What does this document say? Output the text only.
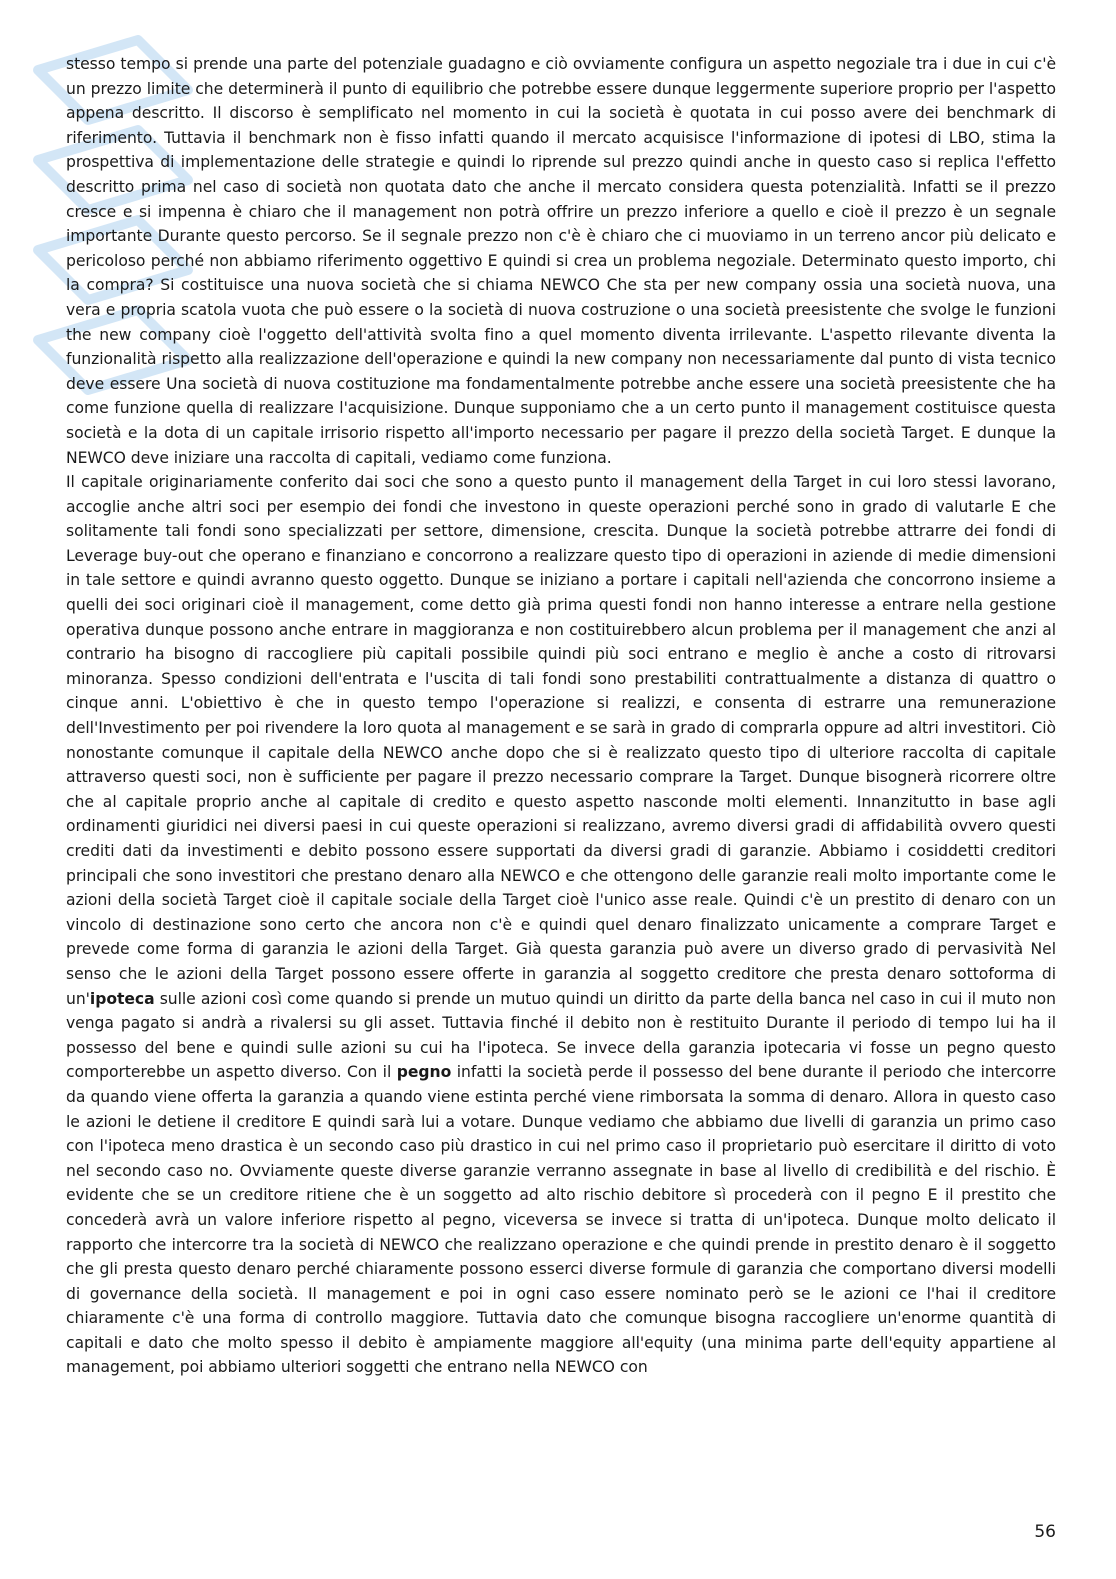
stesso tempo si prende una parte del potenziale guadagno e ciò ovviamente configura un aspetto negoziale tra i due in cui c'è un prezzo limite che determinerà il punto di equilibrio che potrebbe essere dunque leggermente superiore proprio per l'aspetto appena descritto. Il discorso è semplificato nel momento in cui la società è quotata in cui posso avere dei benchmark di riferimento. Tuttavia il benchmark non è fisso infatti quando il mercato acquisisce l'informazione di ipotesi di LBO, stima la prospettiva di implementazione delle strategie e quindi lo riprende sul prezzo quindi anche in questo caso si replica l'effetto descritto prima nel caso di società non quotata dato che anche il mercato considera questa potenzialità. Infatti se il prezzo cresce e si impenna è chiaro che il management non potrà offrire un prezzo inferiore a quello e cioè il prezzo è un segnale importante Durante questo percorso. Se il segnale prezzo non c'è è chiaro che ci muoviamo in un terreno ancor più delicato e pericoloso perché non abbiamo riferimento oggettivo E quindi si crea un problema negoziale. Determinato questo importo, chi la compra? Si costituisce una nuova società che si chiama NEWCO Che sta per new company ossia una società nuova, una vera e propria scatola vuota che può essere o la società di nuova costruzione o una società preesistente che svolge le funzioni the new company cioè l'oggetto dell'attività svolta fino a quel momento diventa irrilevante. L'aspetto rilevante diventa la funzionalità rispetto alla realizzazione dell'operazione e quindi la new company non necessariamente dal punto di vista tecnico deve essere Una società di nuova costituzione ma fondamentalmente potrebbe anche essere una società preesistente che ha come funzione quella di realizzare l'acquisizione. Dunque supponiamo che a un certo punto il management costituisce questa società e la dota di un capitale irrisorio rispetto all'importo necessario per pagare il prezzo della società Target. E dunque la NEWCO deve iniziare una raccolta di capitali, vediamo come funziona.

Il capitale originariamente conferito dai soci che sono a questo punto il management della Target in cui loro stessi lavorano, accoglie anche altri soci per esempio dei fondi che investono in queste operazioni perché sono in grado di valutarle E che solitamente tali fondi sono specializzati per settore, dimensione, crescita. Dunque la società potrebbe attrarre dei fondi di Leverage buy-out che operano e finanziano e concorrono a realizzare questo tipo di operazioni in aziende di medie dimensioni in tale settore e quindi avranno questo oggetto. Dunque se iniziano a portare i capitali nell'azienda che concorrono insieme a quelli dei soci originari cioè il management, come detto già prima questi fondi non hanno interesse a entrare nella gestione operativa dunque possono anche entrare in maggioranza e non costituirebbero alcun problema per il management che anzi al contrario ha bisogno di raccogliere più capitali possibile quindi più soci entrano e meglio è anche a costo di ritrovarsi minoranza. Spesso condizioni dell'entrata e l'uscita di tali fondi sono prestabiliti contrattualmente a distanza di quattro o cinque anni. L'obiettivo è che in questo tempo l'operazione si realizzi, e consenta di estrarre una remunerazione dell'Investimento per poi rivendere la loro quota al management e se sarà in grado di comprarla oppure ad altri investitori. Ciò nonostante comunque il capitale della NEWCO anche dopo che si è realizzato questo tipo di ulteriore raccolta di capitale attraverso questi soci, non è sufficiente per pagare il prezzo necessario comprare la Target. Dunque bisognerà ricorrere oltre che al capitale proprio anche al capitale di credito e questo aspetto nasconde molti elementi. Innanzitutto in base agli ordinamenti giuridici nei diversi paesi in cui queste operazioni si realizzano, avremo diversi gradi di affidabilità ovvero questi crediti dati da investimenti e debito possono essere supportati da diversi gradi di garanzie. Abbiamo i cosiddetti creditori principali che sono investitori che prestano denaro alla NEWCO e che ottengono delle garanzie reali molto importante come le azioni della società Target cioè il capitale sociale della Target cioè l'unico asse reale. Quindi c'è un prestito di denaro con un vincolo di destinazione sono certo che ancora non c'è e quindi quel denaro finalizzato unicamente a comprare Target e prevede come forma di garanzia le azioni della Target. Già questa garanzia può avere un diverso grado di pervasività Nel senso che le azioni della Target possono essere offerte in garanzia al soggetto creditore che presta denaro sottoforma di un'ipoteca sulle azioni così come quando si prende un mutuo quindi un diritto da parte della banca nel caso in cui il muto non venga pagato si andrà a rivalersi su gli asset. Tuttavia finché il debito non è restituito Durante il periodo di tempo lui ha il possesso del bene e quindi sulle azioni su cui ha l'ipoteca. Se invece della garanzia ipotecaria vi fosse un pegno questo comporterebbe un aspetto diverso. Con il pegno infatti la società perde il possesso del bene durante il periodo che intercorre da quando viene offerta la garanzia a quando viene estinta perché viene rimborsata la somma di denaro. Allora in questo caso le azioni le detiene il creditore E quindi sarà lui a votare. Dunque vediamo che abbiamo due livelli di garanzia un primo caso con l'ipoteca meno drastica è un secondo caso più drastico in cui nel primo caso il proprietario può esercitare il diritto di voto nel secondo caso no. Ovviamente queste diverse garanzie verranno assegnate in base al livello di credibilità e del rischio. È evidente che se un creditore ritiene che è un soggetto ad alto rischio debitore sì procederà con il pegno E il prestito che concederà avrà un valore inferiore rispetto al pegno, viceversa se invece si tratta di un'ipoteca. Dunque molto delicato il rapporto che intercorre tra la società di NEWCO che realizzano operazione e che quindi prende in prestito denaro è il soggetto che gli presta questo denaro perché chiaramente possono esserci diverse formule di garanzia che comportano diversi modelli di governance della società. Il management e poi in ogni caso essere nominato però se le azioni ce l'hai il creditore chiaramente c'è una forma di controllo maggiore. Tuttavia dato che comunque bisogna raccogliere un'enorme quantità di capitali e dato che molto spesso il debito è ampiamente maggiore all'equity (una minima parte dell'equity appartiene al management, poi abbiamo ulteriori soggetti che entrano nella NEWCO con

56
